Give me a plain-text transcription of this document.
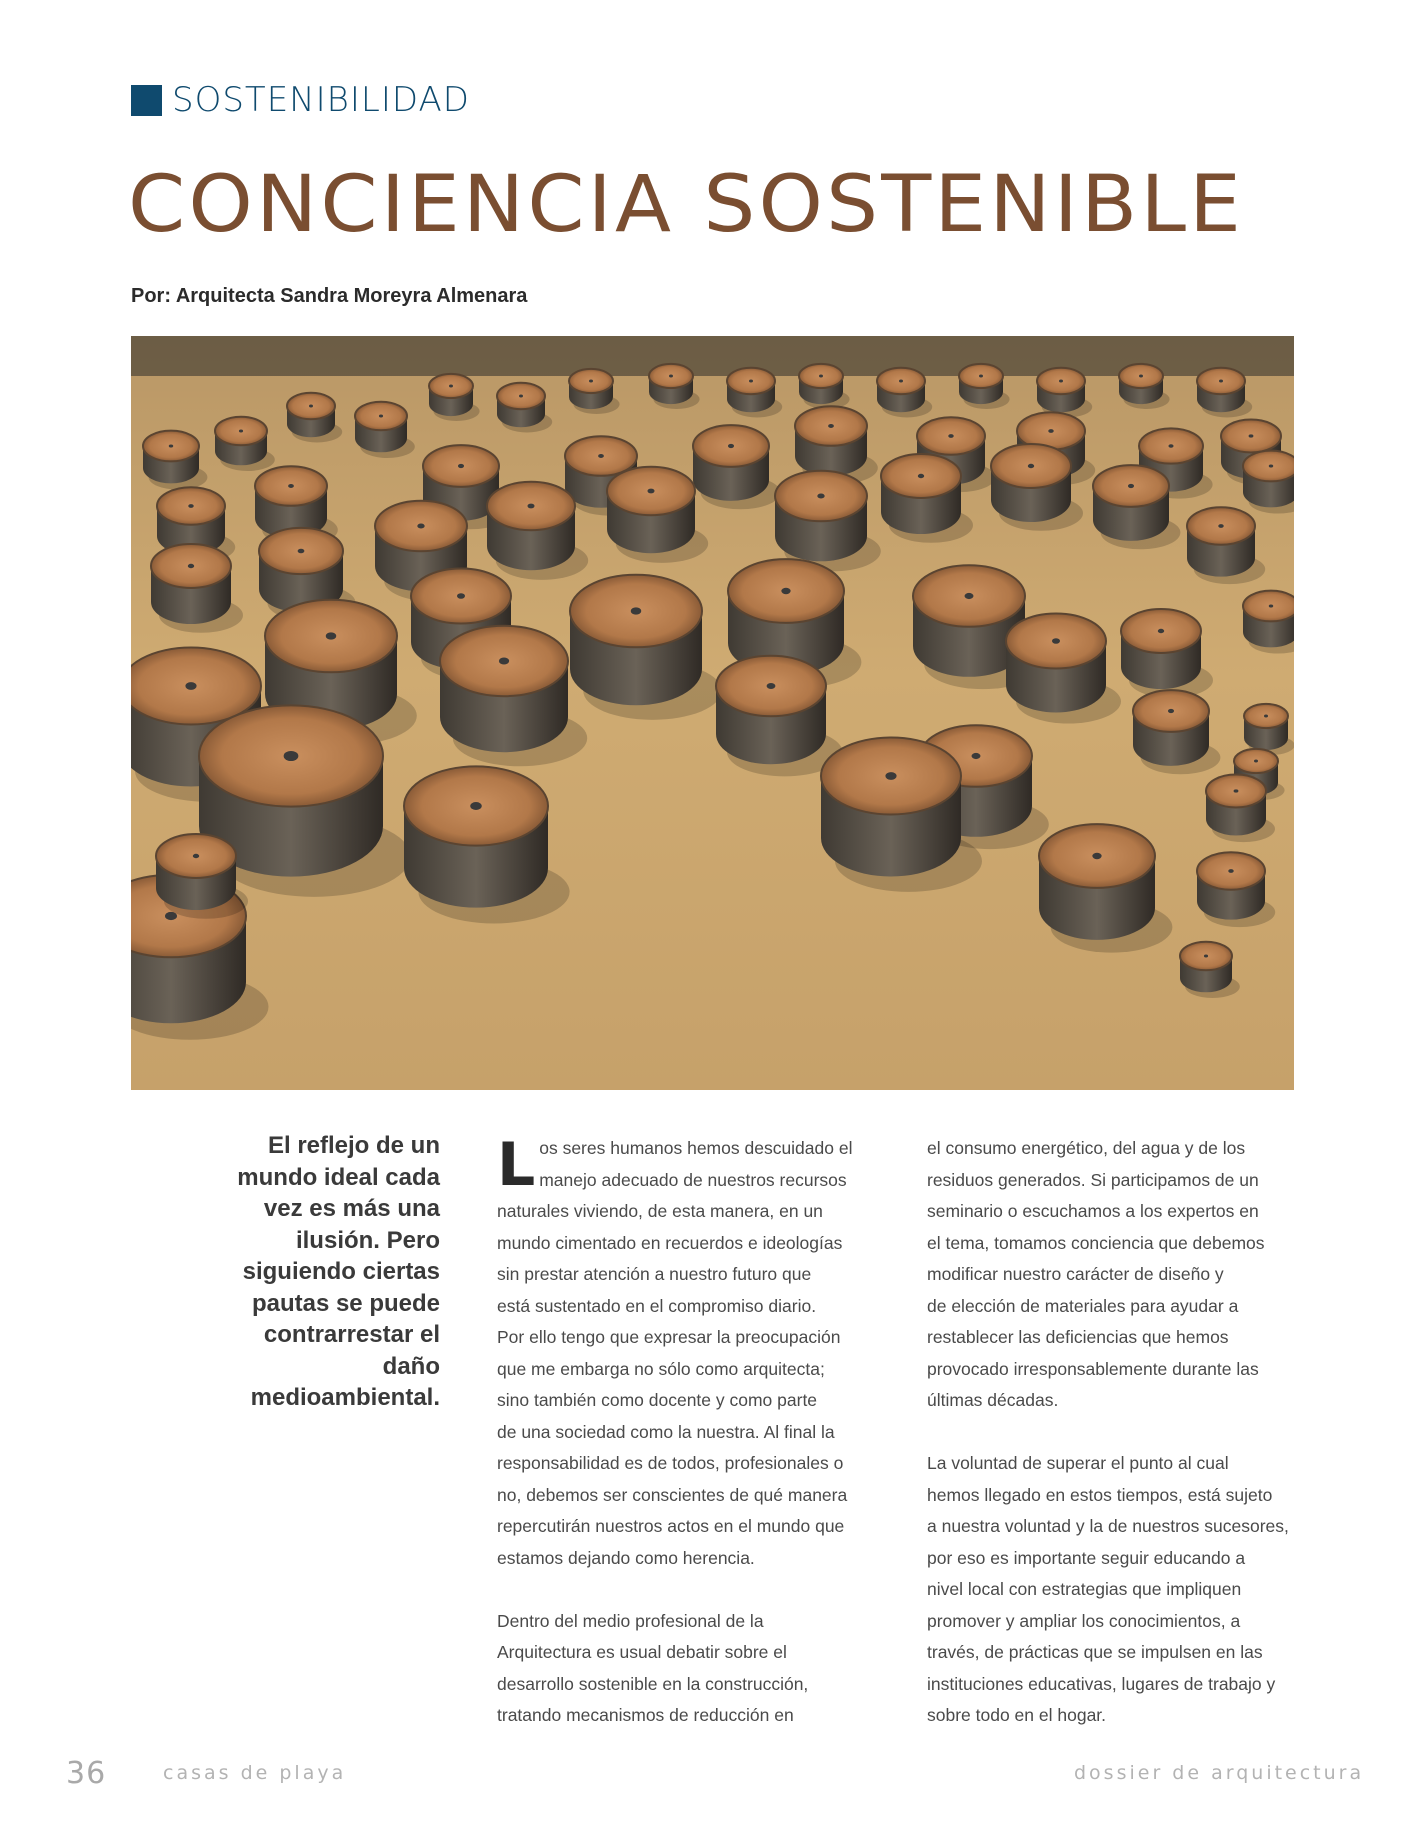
SOSTENIBILIDAD
CONCIENCIA SOSTENIBLE
Por: Arquitecta Sandra Moreyra Almenara
El reflejo de un mundo ideal cada vez es más una ilusión. Pero siguiendo ciertas pautas se puede contrarrestar el daño medioambiental.

L os seres humanos hemos descuidado el
manejo adecuado de nuestros recursos
naturales viviendo, de esta manera, en un
mundo cimentado en recuerdos e ideologías
sin prestar atención a nuestro futuro que
está sustentado en el compromiso diario.
Por ello tengo que expresar la preocupación
que me embarga no sólo como arquitecta;
sino también como docente y como parte
de una sociedad como la nuestra. Al final la
responsabilidad es de todos, profesionales o
no, debemos ser conscientes de qué manera
repercutirán nuestros actos en el mundo que
estamos dejando como herencia.

Dentro del medio profesional de la
Arquitectura es usual debatir sobre el
desarrollo sostenible en la construcción,
tratando mecanismos de reducción en

el consumo energético, del agua y de los
residuos generados. Si participamos de un
seminario o escuchamos a los expertos en
el tema, tomamos conciencia que debemos
modificar nuestro carácter de diseño y
de elección de materiales para ayudar a
restablecer las deficiencias que hemos
provocado irresponsablemente durante las
últimas décadas.

La voluntad de superar el punto al cual
hemos llegado en estos tiempos, está sujeto
a nuestra voluntad y la de nuestros sucesores,
por eso es importante seguir educando a
nivel local con estrategias que impliquen
promover y ampliar los conocimientos, a
través, de prácticas que se impulsen en las
instituciones educativas, lugares de trabajo y
sobre todo en el hogar.

36	casas de playa	dossier de arquitectura
